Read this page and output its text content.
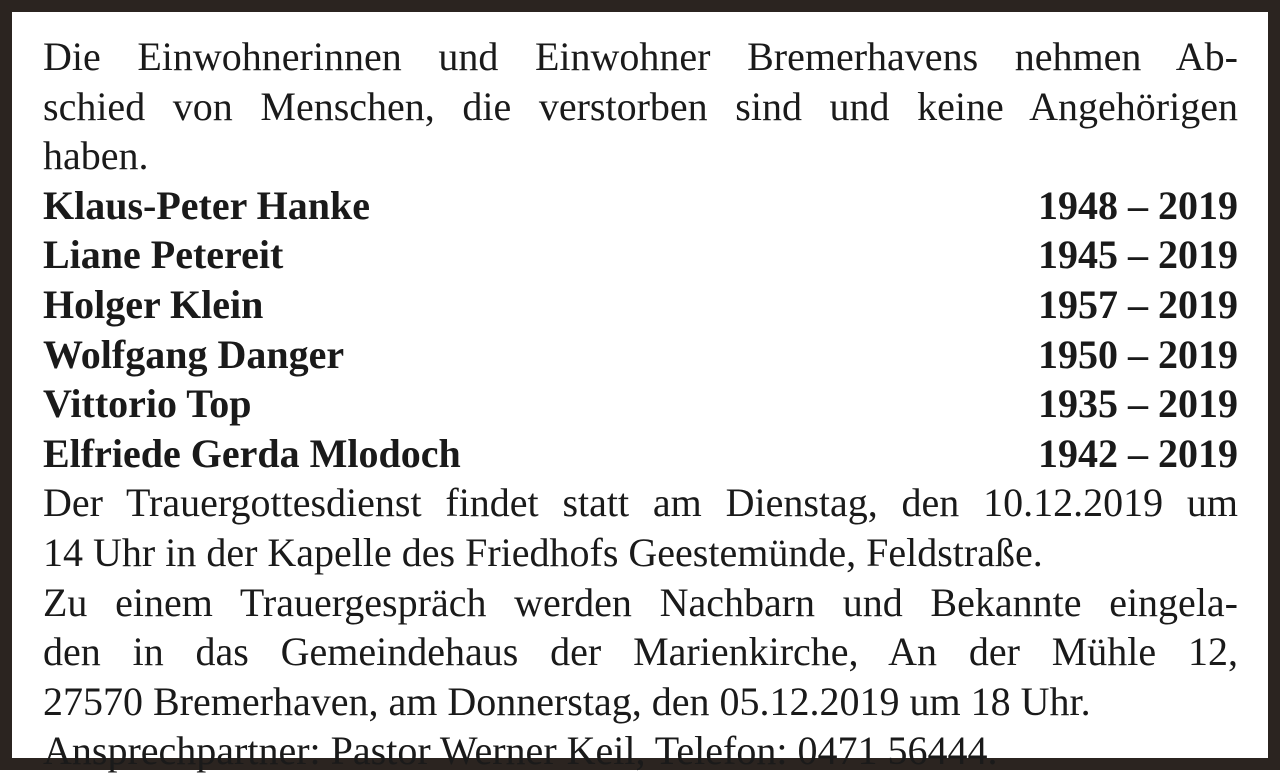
Die Einwohnerinnen und Einwohner Bremerhavens nehmen Ab-
schied von Menschen, die verstorben sind und keine Angehörigen
haben.
Klaus-Peter Hanke	1948 – 2019
Liane Petereit	1945 – 2019
Holger Klein	1957 – 2019
Wolfgang Danger	1950 – 2019
Vittorio Top	1935 – 2019
Elfriede Gerda Mlodoch	1942 – 2019
Der Trauergottesdienst findet statt am Dienstag, den 10.12.2019 um
14 Uhr in der Kapelle des Friedhofs Geestemünde, Feldstraße.
Zu einem Trauergespräch werden Nachbarn und Bekannte eingela-
den in das Gemeindehaus der Marienkirche, An der Mühle 12,
27570 Bremerhaven, am Donnerstag, den 05.12.2019 um 18 Uhr.
Ansprechpartner: Pastor Werner Keil, Telefon: 0471 56444.
